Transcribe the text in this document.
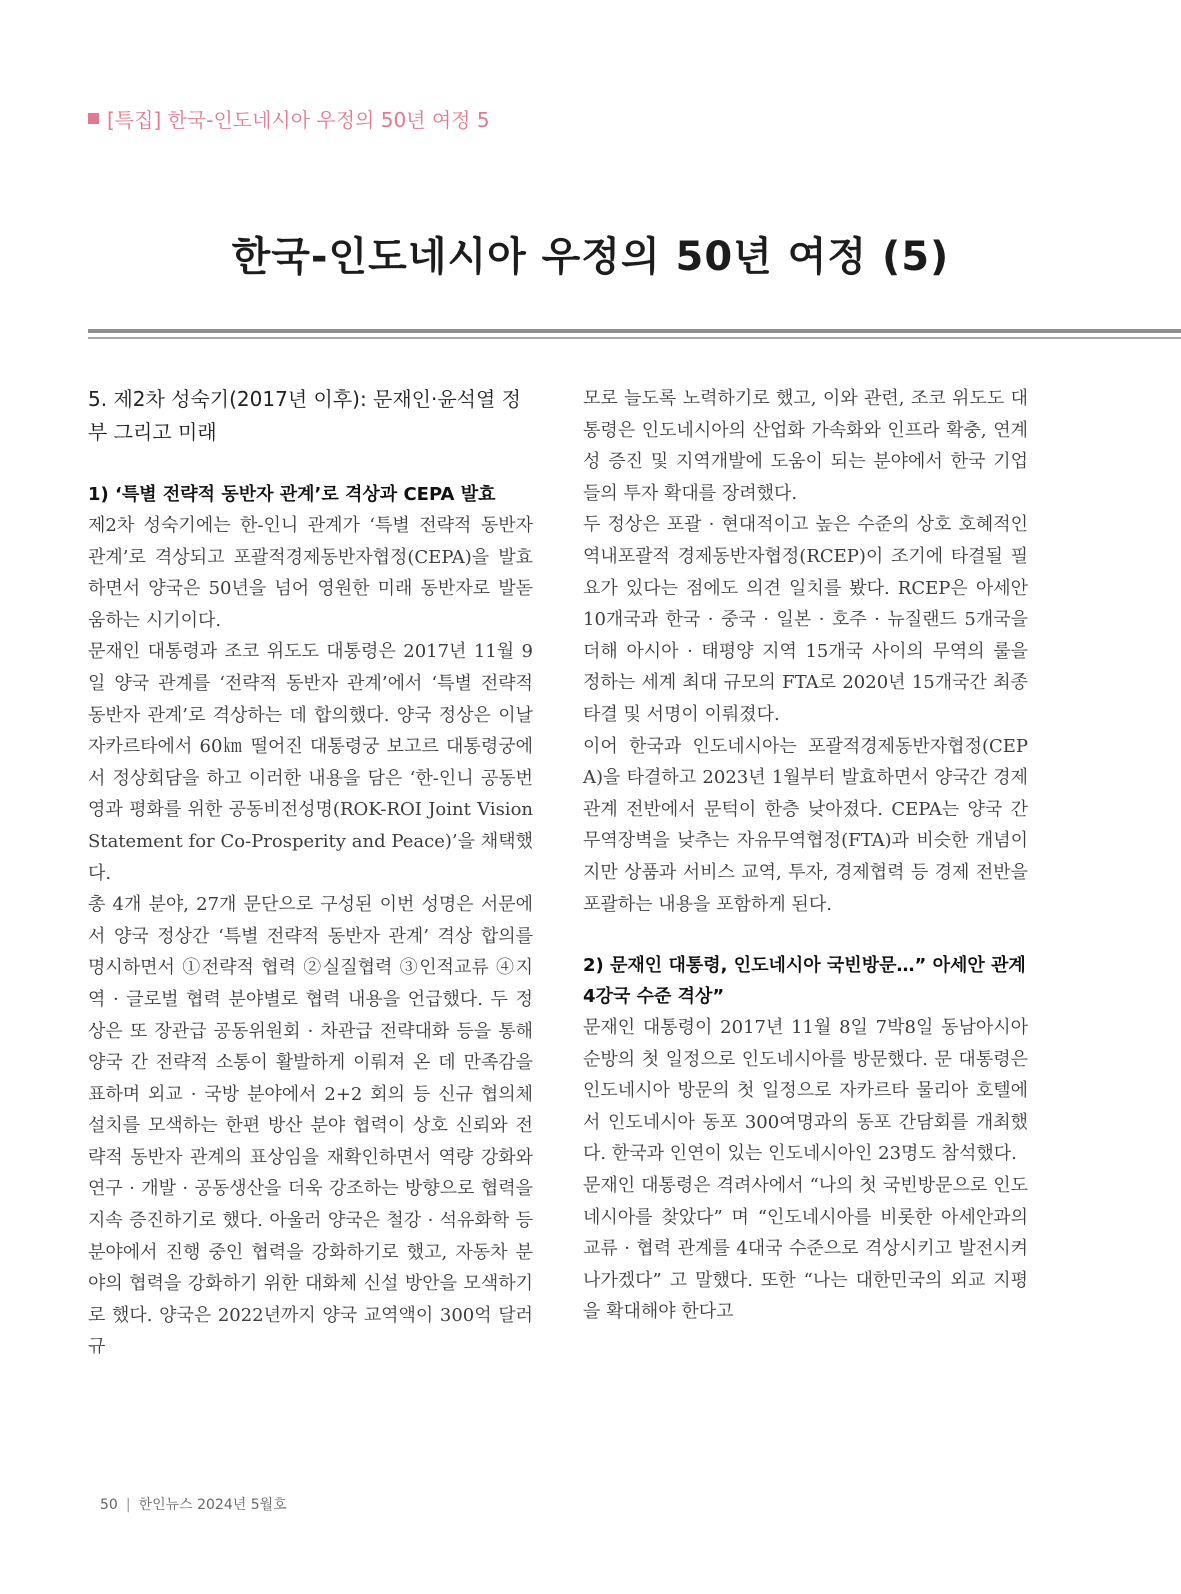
[특집] 한국-인도네시아 우정의 50년 여정 5
한국-인도네시아 우정의 50년 여정 (5)

5. 제2차 성숙기(2017년 이후): 문재인·윤석열 정부 그리고 미래

1) ‘특별 전략적 동반자 관계’로 격상과 CEPA 발효

제2차 성숙기에는 한-인니 관계가 ‘특별 전략적 동반자 관계’로 격상되고 포괄적경제동반자협정(CEPA)을 발효하면서 양국은 50년을 넘어 영원한 미래 동반자로 발돋움하는 시기이다.

문재인 대통령과 조코 위도도 대통령은 2017년 11월 9일 양국 관계를 ‘전략적 동반자 관계’에서 ‘특별 전략적 동반자 관계’로 격상하는 데 합의했다. 양국 정상은 이날 자카르타에서 60㎞ 떨어진 대통령궁 보고르 대통령궁에서 정상회담을 하고 이러한 내용을 담은 ‘한-인니 공동번영과 평화를 위한 공동비전성명(ROK-ROI Joint Vision Statement for Co-Prosperity and Peace)’을 채택했다.

총 4개 분야, 27개 문단으로 구성된 이번 성명은 서문에서 양국 정상간 ‘특별 전략적 동반자 관계’ 격상 합의를 명시하면서 ①전략적 협력 ②실질협력 ③인적교류 ④지역 · 글로벌 협력 분야별로 협력 내용을 언급했다. 두 정상은 또 장관급 공동위원회 · 차관급 전략대화 등을 통해 양국 간 전략적 소통이 활발하게 이뤄져 온 데 만족감을 표하며 외교 · 국방 분야에서 2+2 회의 등 신규 협의체 설치를 모색하는 한편 방산 분야 협력이 상호 신뢰와 전략적 동반자 관계의 표상임을 재확인하면서 역량 강화와 연구 · 개발 · 공동생산을 더욱 강조하는 방향으로 협력을 지속 증진하기로 했다. 아울러 양국은 철강 · 석유화학 등 분야에서 진행 중인 협력을 강화하기로 했고, 자동차 분야의 협력을 강화하기 위한 대화체 신설 방안을 모색하기로 했다. 양국은 2022년까지 양국 교역액이 300억 달러 규

모로 늘도록 노력하기로 했고, 이와 관련, 조코 위도도 대통령은 인도네시아의 산업화 가속화와 인프라 확충, 연계성 증진 및 지역개발에 도움이 되는 분야에서 한국 기업들의 투자 확대를 장려했다.

두 정상은 포괄 · 현대적이고 높은 수준의 상호 호혜적인 역내포괄적 경제동반자협정(RCEP)이 조기에 타결될 필요가 있다는 점에도 의견 일치를 봤다. RCEP은 아세안 10개국과 한국 · 중국 · 일본 · 호주 · 뉴질랜드 5개국을 더해 아시아 · 태평양 지역 15개국 사이의 무역의 룰을 정하는 세계 최대 규모의 FTA로 2020년 15개국간 최종 타결 및 서명이 이뤄졌다.

이어 한국과 인도네시아는 포괄적경제동반자협정(CEPA)을 타결하고 2023년 1월부터 발효하면서 양국간 경제 관계 전반에서 문턱이 한층 낮아졌다. CEPA는 양국 간 무역장벽을 낮추는 자유무역협정(FTA)과 비슷한 개념이지만 상품과 서비스 교역, 투자, 경제협력 등 경제 전반을 포괄하는 내용을 포함하게 된다.

2) 문재인 대통령, 인도네시아 국빈방문…” 아세안 관계 4강국 수준 격상”

문재인 대통령이 2017년 11월 8일 7박8일 동남아시아 순방의 첫 일정으로 인도네시아를 방문했다. 문 대통령은 인도네시아 방문의 첫 일정으로 자카르타 물리아 호텔에서 인도네시아 동포 300여명과의 동포 간담회를 개최했다. 한국과 인연이 있는 인도네시아인 23명도 참석했다.

문재인 대통령은 격려사에서 “나의 첫 국빈방문으로 인도네시아를 찾았다” 며 “인도네시아를 비롯한 아세안과의 교류 · 협력 관계를 4대국 수준으로 격상시키고 발전시켜 나가겠다” 고 말했다. 또한 “나는 대한민국의 외교 지평을 확대해야 한다고

50 | 한인뉴스 2024년 5월호
